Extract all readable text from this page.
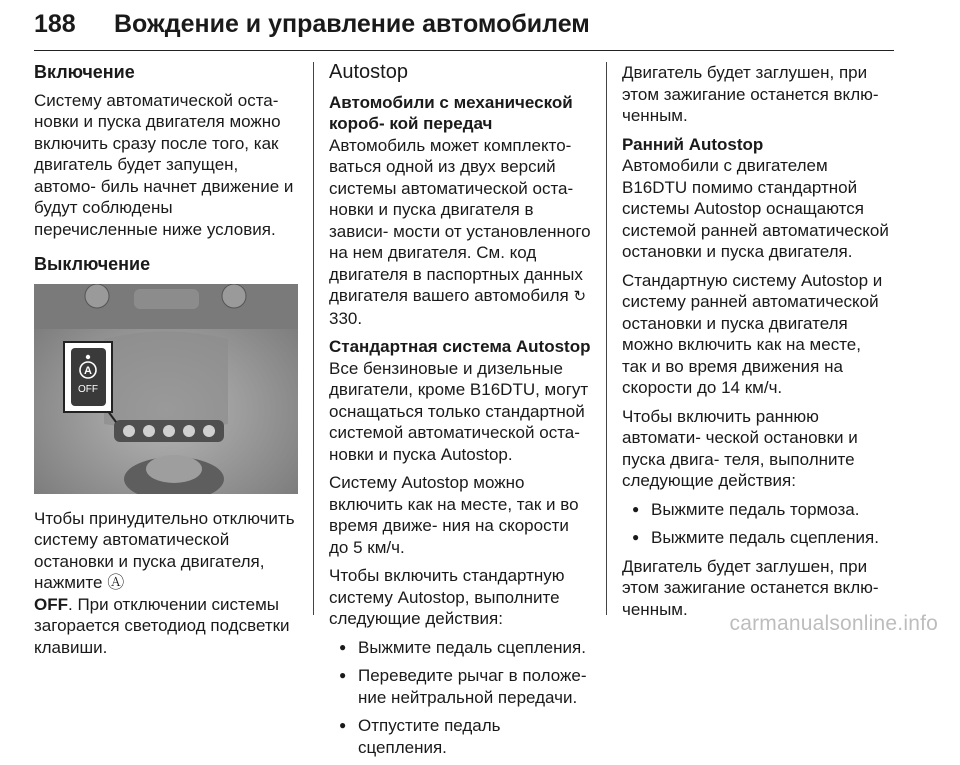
188 Вождение и управление автомобилем
Включение

Систему автоматической оста- новки и пуска двигателя можно включить сразу после того, как двигатель будет запущен, автомо- биль начнет движение и будут соблюдены перечисленные ниже условия.

Выключение
A
OFF

Чтобы принудительно отключить систему автоматической остановки и пуска двигателя, нажмите Ⓐ
OFF. При отключении системы загорается светодиод подсветки клавиши.

Autostop
Автомобили с механической короб- кой передач

Автомобиль может комплекто- ваться одной из двух версий системы автоматической оста- новки и пуска двигателя в зависи- мости от установленного на нем двигателя. См. код двигателя в паспортных данных двигателя вашего автомобиля ↻ 330.

Стандартная система Autostop

Все бензиновые и дизельные двигатели, кроме B16DTU, могут оснащаться только стандартной системой автоматической оста- новки и пуска Autostop.

Систему Autostop можно включить как на месте, так и во время движе- ния на скорости до 5 км/ч.

Чтобы включить стандартную систему Autostop, выполните следующие действия:

● Выжмите педаль сцепления.
● Переведите рычаг в положе- ние нейтральной передачи.
● Отпустите педаль сцепления.

Двигатель будет заглушен, при этом зажигание останется вклю- ченным.

Ранний Autostop

Автомобили с двигателем B16DTU помимо стандартной системы Autostop оснащаются системой ранней автоматической остановки и пуска двигателя.

Стандартную систему Autostop и систему ранней автоматической остановки и пуска двигателя можно включить как на месте, так и во время движения на скорости до 14 км/ч.

Чтобы включить раннюю автомати- ческой остановки и пуска двига- теля, выполните следующие действия:

● Выжмите педаль тормоза.
● Выжмите педаль сцепления.

Двигатель будет заглушен, при этом зажигание останется вклю- ченным.

carmanualsonline.info
